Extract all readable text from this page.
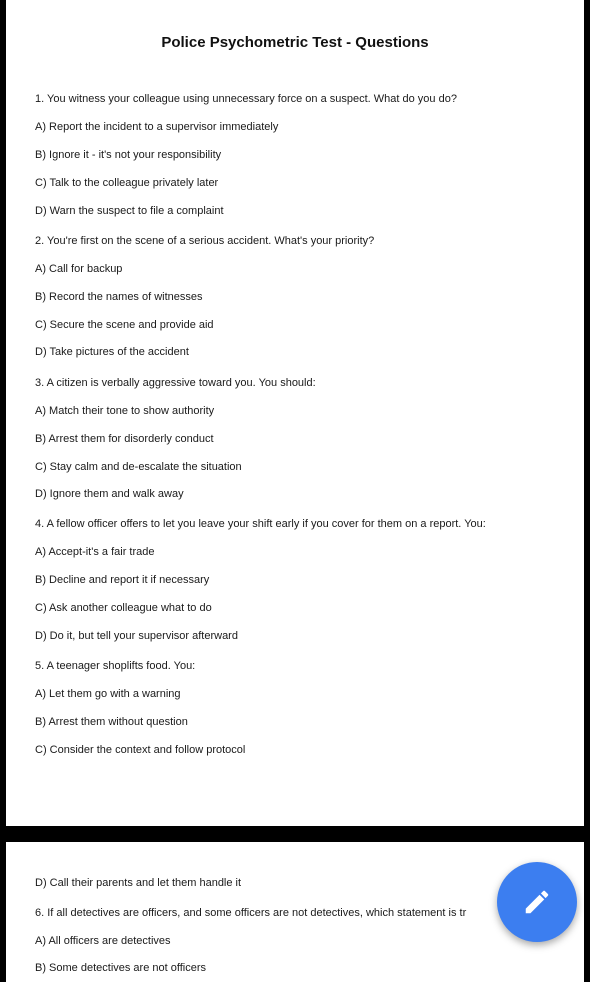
Police Psychometric Test - Questions
1. You witness your colleague using unnecessary force on a suspect. What do you do?
A) Report the incident to a supervisor immediately
B) Ignore it - it's not your responsibility
C) Talk to the colleague privately later
D) Warn the suspect to file a complaint
2. You're first on the scene of a serious accident. What's your priority?
A) Call for backup
B) Record the names of witnesses
C) Secure the scene and provide aid
D) Take pictures of the accident
3. A citizen is verbally aggressive toward you. You should:
A) Match their tone to show authority
B) Arrest them for disorderly conduct
C) Stay calm and de-escalate the situation
D) Ignore them and walk away
4. A fellow officer offers to let you leave your shift early if you cover for them on a report. You:
A) Accept-it's a fair trade
B) Decline and report it if necessary
C) Ask another colleague what to do
D) Do it, but tell your supervisor afterward
5. A teenager shoplifts food. You:
A) Let them go with a warning
B) Arrest them without question
C) Consider the context and follow protocol
D) Call their parents and let them handle it
6. If all detectives are officers, and some officers are not detectives, which statement is tr
A) All officers are detectives
B) Some detectives are not officers
